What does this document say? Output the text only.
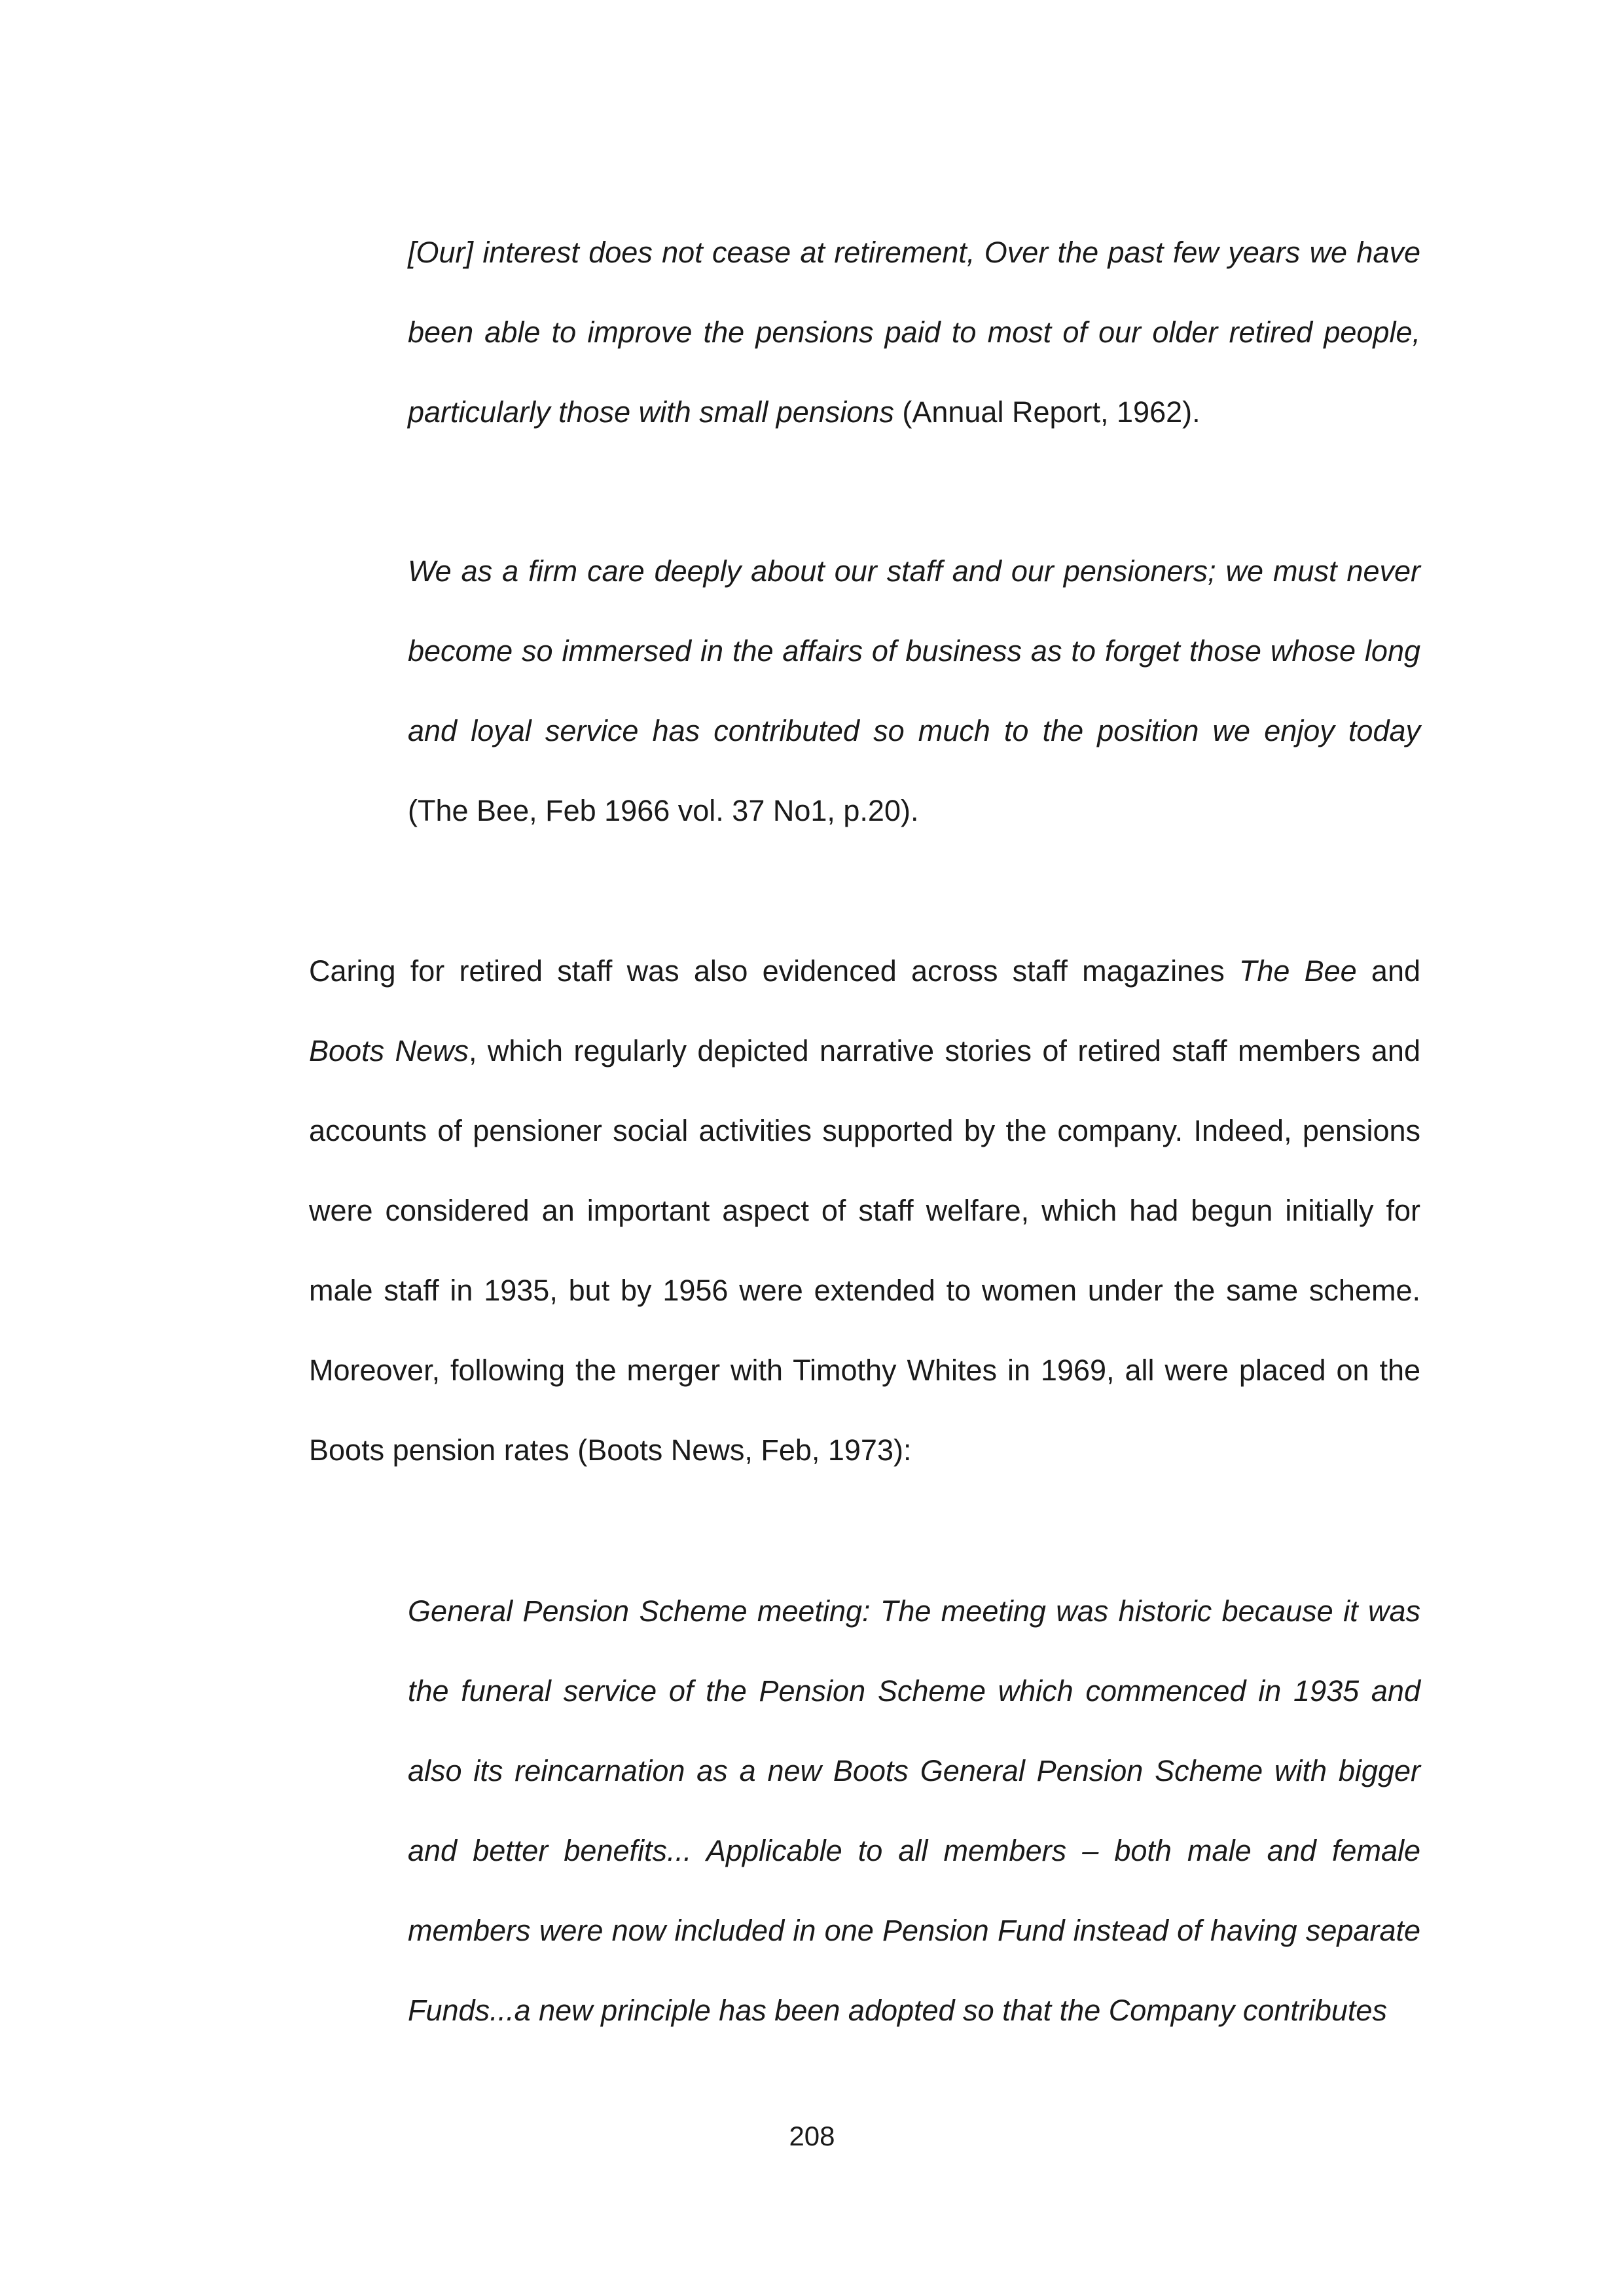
[Our] interest does not cease at retirement, Over the past few years we have been able to improve the pensions paid to most of our older retired people, particularly those with small pensions (Annual Report, 1962).

We as a firm care deeply about our staff and our pensioners; we must never become so immersed in the affairs of business as to forget those whose long and loyal service has contributed so much to the position we enjoy today (The Bee, Feb 1966 vol. 37 No1, p.20).

Caring for retired staff was also evidenced across staff magazines The Bee and Boots News, which regularly depicted narrative stories of retired staff members and accounts of pensioner social activities supported by the company. Indeed, pensions were considered an important aspect of staff welfare, which had begun initially for male staff in 1935, but by 1956 were extended to women under the same scheme. Moreover, following the merger with Timothy Whites in 1969, all were placed on the Boots pension rates (Boots News, Feb, 1973):

General Pension Scheme meeting: The meeting was historic because it was the funeral service of the Pension Scheme which commenced in 1935 and also its reincarnation as a new Boots General Pension Scheme with bigger and better benefits... Applicable to all members – both male and female members were now included in one Pension Fund instead of having separate Funds...a new principle has been adopted so that the Company contributes

208
